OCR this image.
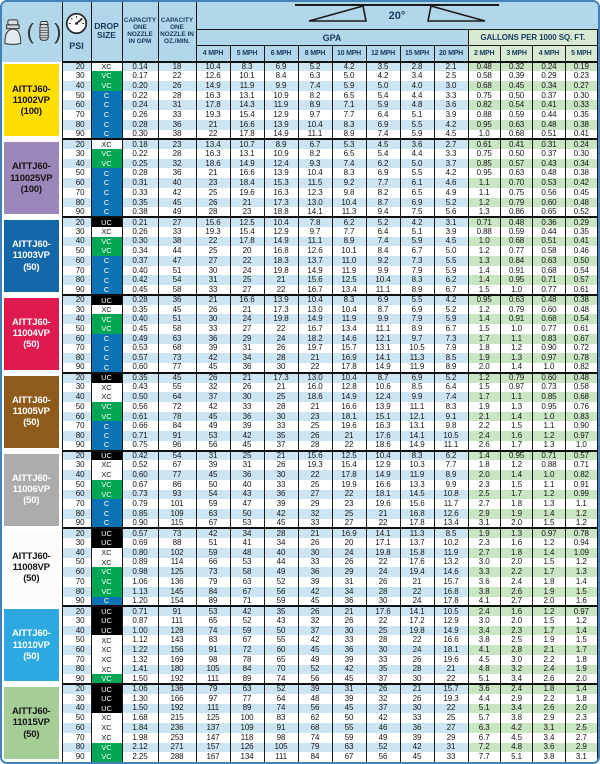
( )	PSI	DROP SIZE	CAPACITY ONE NOZZLE IN GPM	CAPACITY ONE NOZZLE IN OZ./MIN.	20°											

					GPA								GALLONS PER 1000 SQ. FT.			
					4 MPH	5 MPH	6 MPH	8 MPH	10 MPH	12 MPH	15 MPH	20 MPH	2 MPH	3 MPH	4 MPH	5 MPH

AITTJ60-
11002VP
(100)	20	XC	0.14	18	10.4	8.3	6.9	5.2	4.2	3.5	2.8	2.1	0.48	0.32	0.24	0.19
	30	VC	0.17	22	12.6	10.1	8.4	6.3	5.0	4.2	3.4	2.5	0.58	0.39	0.29	0.23
	40	VC	0.20	26	14.9	11.9	9.9	7.4	5.9	5.0	4.0	3.0	0.68	0.45	0.34	0.27
	50	C	0.22	28	16.3	13.1	10.9	8.2	6.5	5.4	4.4	3.3	0.75	0.50	0.37	0.30
	60	C	0.24	31	17.8	14.3	11.9	8.9	7.1	5.9	4.8	3.6	0.82	0.54	0.41	0.33
	70	C	0.26	33	19.3	15.4	12.9	9.7	7.7	6.4	5.1	3.9	0.88	0.59	0.44	0.35
	80	C	0.28	36	21	16.6	13.9	10.4	8.3	6.9	5.5	4.2	0.95	0.63	0.48	0.38
	90	C	0.30	38	22	17.8	14.9	11.1	8.9	7.4	5.9	4.5	1.0	0.68	0.51	0.41

AITTJ60-
110025VP
(100)	20	XC	0.18	23	13.4	10.7	8.9	6.7	5.3	4.5	3.6	2.7	0.61	0.41	0.31	0.24
	30	VC	0.22	28	16.3	13.1	10.9	8.2	6.5	5.4	4.4	3.3	0.75	0.50	0.37	0.30
	40	VC	0.25	32	18.6	14.9	12.4	9.3	7.4	6.2	5.0	3.7	0.85	0.57	0.43	0.34
	50	C	0.28	36	21	16.6	13.9	10.4	8.3	6.9	5.5	4.2	0.95	0.63	0.48	0.38
	60	C	0.31	40	23	18.4	15.3	11.5	9.2	7.7	6.1	4.6	1.1	0.70	0.53	0.42
	70	C	0.33	42	25	19.6	16.3	12.3	9.8	8.2	6.5	4.9	1.1	0.75	0.56	0.45
	80	C	0.35	45	26	21	17.3	13.0	10.4	8.7	6.9	5.2	1.2	0.79	0.60	0.48
	90	C	0.38	49	28	23	18.8	14.1	11.3	9.4	7.5	5.6	1.3	0.86	0.65	0.52

AITTJ60-
11003VP
(50)	20	UC	0.21	27	15.6	12.5	10.4	7.8	6.2	5.2	4.2	3.1	0.71	0.48	0.36	0.29
	30	XC	0.26	33	19.3	15.4	12.9	9.7	7.7	6.4	5.1	3.9	0.88	0.59	0.44	0.35
	40	VC	0.30	38	22	17.8	14.9	11.1	8.9	7.4	5.9	4.5	1.0	0.68	0.51	0.41
	50	VC	0.34	44	25	20	16.8	12.6	10.1	8.4	6.7	5.0	1.2	0.77	0.58	0.46
	60	C	0.37	47	27	22	18.3	13.7	11.0	9.2	7.3	5.5	1.3	0.84	0.63	0.50
	70	C	0.40	51	30	24	19.8	14.9	11.9	9.9	7.9	5.9	1.4	0.91	0.68	0.54
	80	C	0.42	54	31	25	21	15.6	12.5	10.4	8.3	6.2	1.4	0.95	0.71	0.57
	90	C	0.45	58	33	27	22	16.7	13.4	11.1	8.9	6.7	1.5	1.0	0.77	0.61

AITTJ60-
11004VP
(50)	20	UC	0.28	36	21	16.6	13.9	10.4	8.3	6.9	5.5	4.2	0.95	0.63	0.48	0.38
	30	XC	0.35	45	26	21	17.3	13.0	10.4	8.7	6.9	5.2	1.2	0.79	0.60	0.48
	40	VC	0.40	51	30	24	19.8	14.9	11.9	9.9	7.9	5.9	1.4	0.91	0.68	0.54
	50	VC	0.45	58	33	27	22	16.7	13.4	11.1	8.9	6.7	1.5	1.0	0.77	0.61
	60	C	0.49	63	36	29	24	18.2	14.6	12.1	9.7	7.3	1.7	1.1	0.83	0.67
	70	C	0.53	68	39	31	26	19.7	15.7	13.1	10.5	7.9	1.8	1.2	0.90	0.72
	80	C	0.57	73	42	34	28	21	16.9	14.1	11.3	8.5	1.9	1.3	0.97	0.78
	90	C	0.60	77	45	36	30	22	17.8	14.9	11.9	8.9	2.0	1.4	1.0	0.82

AITTJ60-
11005VP
(50)	20	UC	0.35	45	26	21	17.3	13.0	10.4	8.7	6.9	5.2	1.2	0.79	0.60	0.48
	30	XC	0.43	55	32	26	21	16.0	12.8	10.6	8.5	6.4	1.5	0.97	0.73	0.58
	40	XC	0.50	64	37	30	25	18.6	14.9	12.4	9.9	7.4	1.7	1.1	0.85	0.68
	50	VC	0.56	72	42	33	28	21	16.6	13.9	11.1	8.3	1.9	1.3	0.95	0.76
	60	VC	0.61	78	45	36	30	23	18.1	15.1	12.1	9.1	2.1	1.4	1.0	0.83
	70	C	0.66	84	49	39	33	25	19.6	16.3	13.1	9.8	2.2	1.5	1.1	0.90
	80	C	0.71	91	53	42	35	26	21	17.6	14.1	10.5	2.4	1.6	1.2	0.97
	90	C	0.75	96	56	45	37	28	22	18.6	14.9	11.1	2.6	1.7	1.3	1.0

AITTJ60-
11006VP
(50)	20	UC	0.42	54	31	25	21	15.6	12.5	10.4	8.3	6.2	1.4	0.95	0.71	0.57
	30	XC	0.52	67	39	31	26	19.3	15.4	12.9	10.3	7.7	1.8	1.2	0.88	0.71
	40	XC	0.60	77	45	36	30	22	17.8	14.9	11.9	8.9	2.0	1.4	1.0	0.82
	50	VC	0.67	86	50	40	33	25	19.9	16.6	13.3	9.9	2.3	1.5	1.1	0.91
	60	VC	0.73	93	54	43	36	27	22	18.1	14.5	10.8	2.5	1.7	1.2	0.99
	70	C	0.79	101	59	47	39	29	23	19.6	15.6	11.7	2.7	1.8	1.3	1.1
	80	C	0.85	109	63	50	42	32	25	21	16.8	12.6	2.9	1.9	1.4	1.2
	90	C	0.90	115	67	53	45	33	27	22	17.8	13.4	3.1	2.0	1.5	1.2

AITTJ60-
11008VP
(50)	20	UC	0.57	73	42	34	28	21	16.9	14.1	11.3	8.5	1.9	1.3	0.97	0.78
	30	UC	0.69	88	51	41	34	26	20	17.1	13.7	10.2	2.3	1.6	1.2	0.94
	40	XC	0.80	102	59	48	40	30	24	19.8	15.8	11.9	2.7	1.8	1.4	1.09
	50	XC	0.89	114	66	53	44	33	26	22	17.6	13.2	3.0	2.0	1.5	1.2
	60	VC	0.98	125	73	58	49	36	29	24	19.4	14.6	3.3	2.2	1.7	1.3
	70	VC	1.06	136	79	63	52	39	31	26	21	15.7	3.6	2.4	1.8	1.4
	80	VC	1.13	145	84	67	56	42	34	28	22	16.8	3.8	2.6	1.9	1.5
	90	C	1.20	154	89	71	59	45	36	30	24	17.8	4.1	2.7	2.0	1.6

AITTJ60-
11010VP
(50)	20	UC	0.71	91	53	42	35	26	21	17.6	14.1	10.5	2.4	1.6	1.2	0.97
	30	UC	0.87	111	65	52	43	32	26	22	17.2	12.9	3.0	2.0	1.5	1.2
	40	UC	1.00	128	74	59	50	37	30	25	19.8	14.9	3.4	2.3	1.7	1.4
	50	XC	1.12	143	83	67	55	42	33	28	22	16.6	3.8	2.5	1.9	1.5
	60	XC	1.22	156	91	72	60	45	36	30	24	18.1	4.1	2.8	2.1	1.7
	70	XC	1.32	169	98	78	65	49	39	33	26	19.6	4.5	3.0	2.2	1.8
	80	XC	1.41	180	105	84	70	52	42	35	28	21	4.8	3.2	2.4	1.9
	90	VC	1.50	192	111	89	74	56	45	37	30	22	5.1	3.4	2.6	2.0

AITTJ60-
11015VP
(50)	20	UC	1.06	136	79	63	52	39	31	26	21	15.7	3.6	2.4	1.8	1.4
	30	UC	1.30	166	97	77	64	48	39	32	26	19.3	4.4	2.9	2.2	1.8
	40	UC	1.50	192	111	89	74	56	45	37	30	22	5.1	3.4	2.6	2.0
	50	XC	1.68	215	125	100	83	62	50	42	33	25	5.7	3.8	2.9	2.3
	60	XC	1.84	236	137	109	91	68	55	46	36	27	6.3	4.2	3.1	2.5
	70	XC	1.98	253	147	118	98	74	59	49	39	29	6.7	4.5	3.4	2.7
	80	VC	2.12	271	157	126	105	79	63	52	42	31	7.2	4.8	3.6	2.9
	90	VC	2.25	288	167	134	111	84	67	56	45	33	7.7	5.1	3.8	3.1
